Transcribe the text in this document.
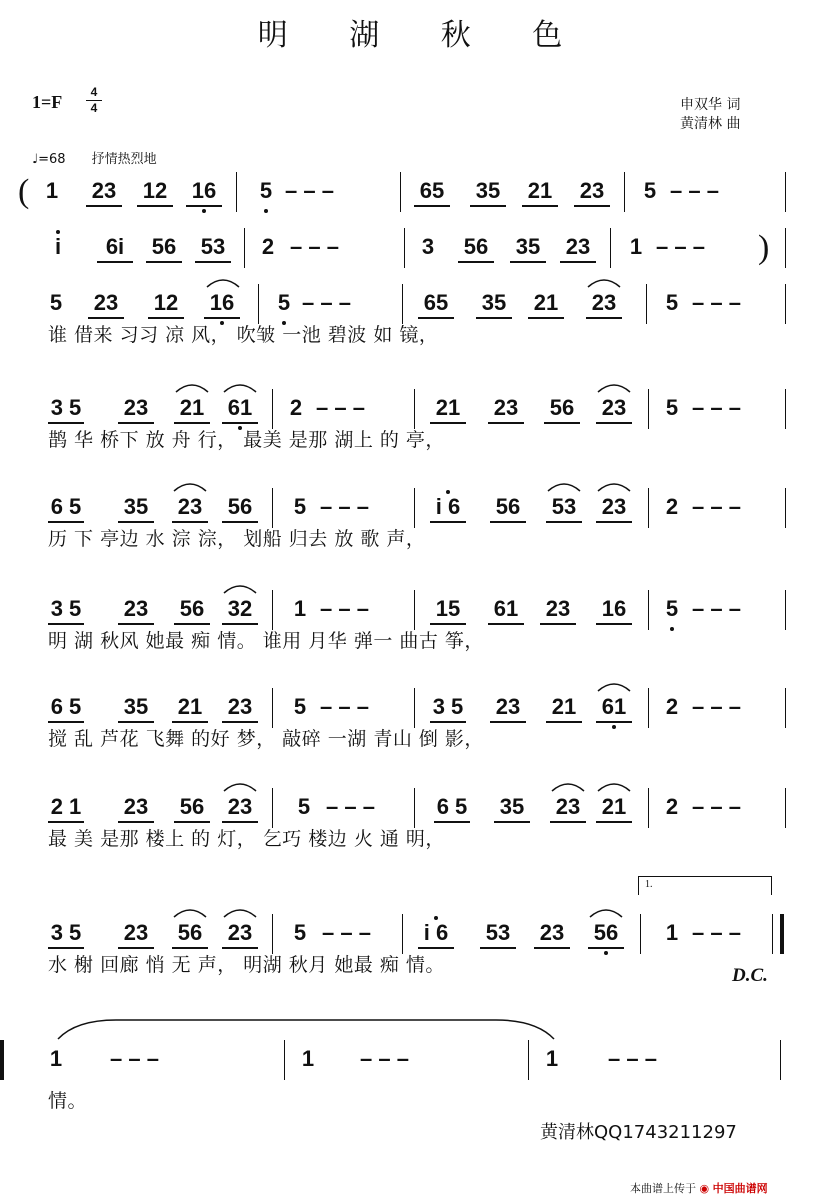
明 湖 秋 色
1=F	4
4	申双华 词
黄清林 曲
♩=68 抒情热烈地
( 1 23 12 16 5 – – –	65 35 21 23 5 – – –
i	6i	56 53 2 – – –	3 56 35 23 1 – – – )
5 23 12 16 5 – – –	65 35 21 23 5 – – –
谁 借来 习习 凉 风， 吹皱 一池 碧波 如 镜，
3 5 23 21 61 2 – – –	21 23 56 23 5 – – –
鹊 华 桥下 放 舟 行， 最美 是那 湖上 的 亭，
6 5 35 23 56 5 – – –	i 6 56 53 23 2 – – –
历 下 亭边 水 淙 淙， 划船 归去 放 歌 声，
3 5 23 56 32 1 – – –	15 61 23 16 5 – – –
明 湖 秋风 她最 痴 情。 谁用 月华 弹一 曲古 筝，
6 5 35 21 23 5 – – –	3 5 23 21 61 2 – – –
搅 乱 芦花 飞舞 的好 梦， 敲碎 一湖 青山 倒 影，
2 1 23 56 23 5 – – –	6 5 35 23 21 2 – – –
最 美 是那 楼上 的 灯， 乞巧 楼边 火 通 明，
3 5 23 56 23 5 – – – i 6 53 23 56 1 – – –
水 榭 回廊 悄 无 声， 明湖 秋月 她最 痴 情。
1 – – –	1 – – –	1 – – –
情。
1.
D.C.
黄清林QQ1743211297
本曲谱上传于 ◉ 中国曲谱网
